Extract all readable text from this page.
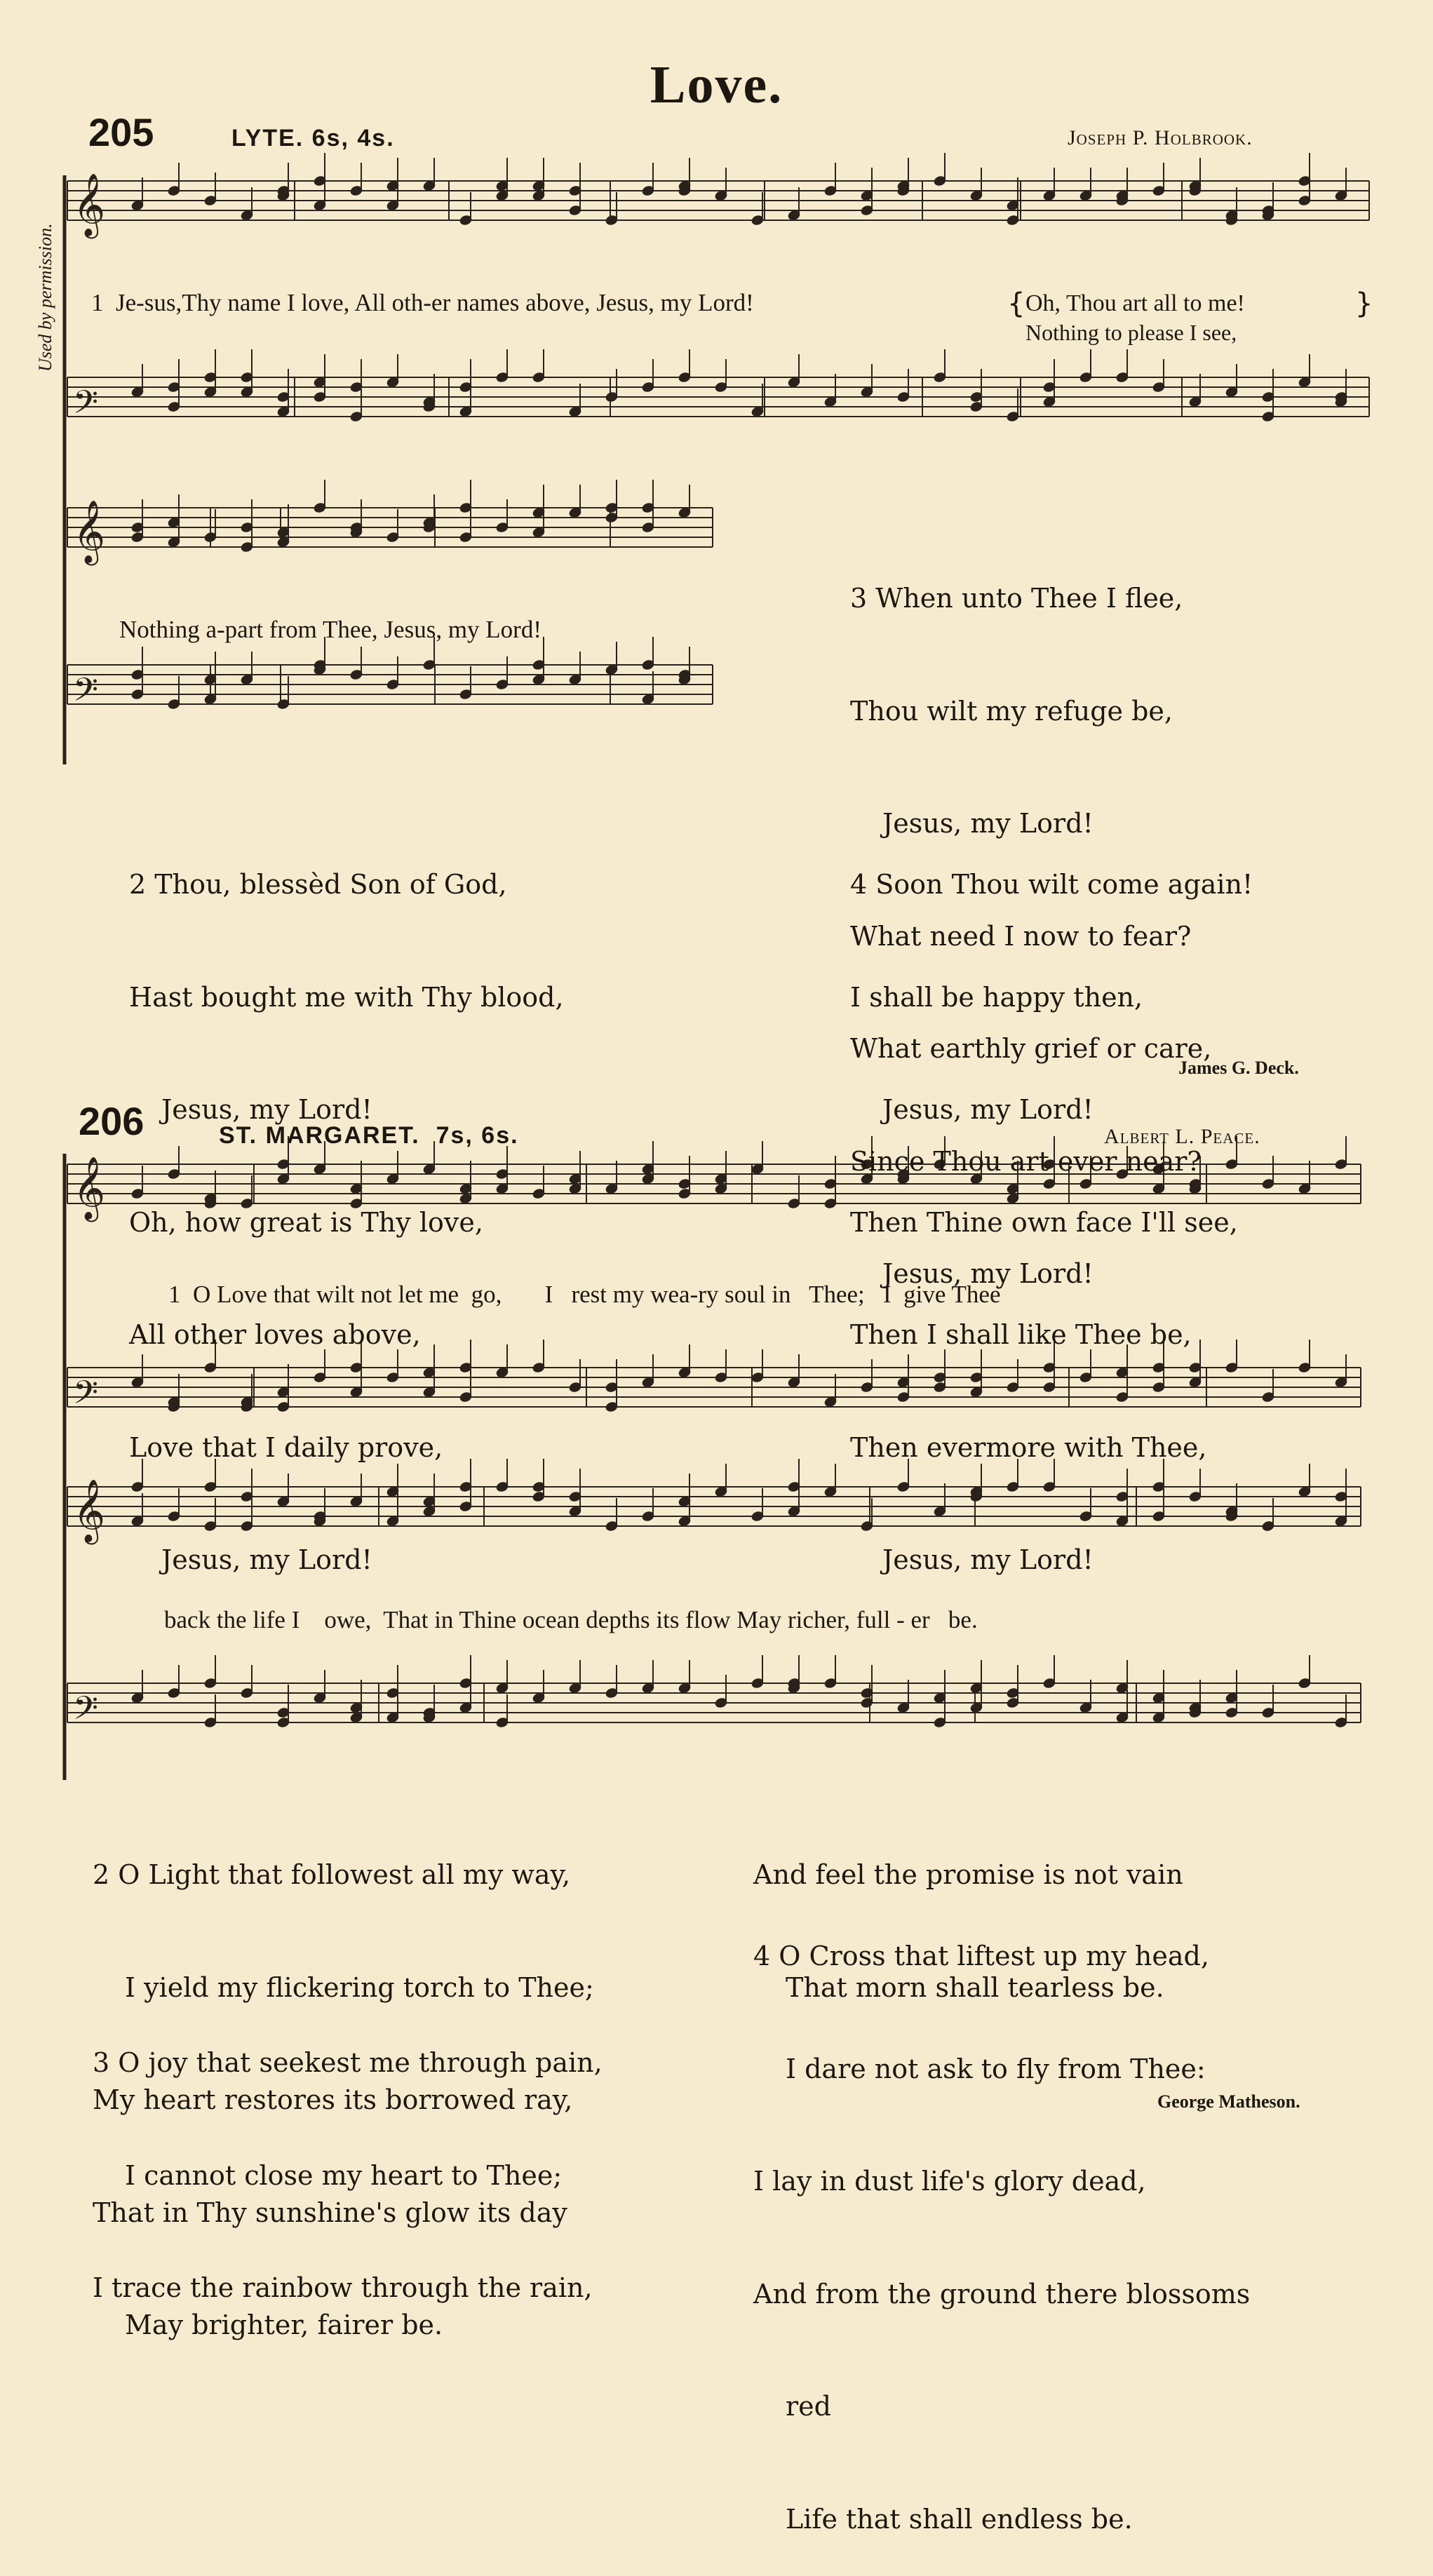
𝄞
𝄢
𝄞
𝄢
𝄞
𝄢
𝄞
𝄢
Love.
Used by permission.
205	LYTE. 6s, 4s.	Joseph P. Holbrook.
1  Je-sus,Thy name I love, All oth-er names above, Jesus, my Lord!	{ Oh, Thou art all to me!
Nothing to please I see,
}
Nothing a-part from Thee, Jesus, my Lord!

2 Thou, blessèd Son of God,

Hast bought me with Thy blood,

Jesus, my Lord!

Oh, how great is Thy love,

All other loves above,

Love that I daily prove,

Jesus, my Lord!

3 When unto Thee I flee,

Thou wilt my refuge be,

Jesus, my Lord!

What need I now to fear?

What earthly grief or care,

Since Thou art ever near?

Jesus, my Lord!

4 Soon Thou wilt come again!

I shall be happy then,

Jesus, my Lord!

Then Thine own face I'll see,

Then I shall like Thee be,

Then evermore with Thee,

Jesus, my Lord!

James G. Deck.
206	ST. MARGARET.  7s, 6s.	Albert L. Peace.
1  O Love that wilt not let me  go,       I   rest my wea-ry soul in   Thee;   I  give Thee
back the life I    owe,  That in Thine ocean depths its flow May richer, full - er   be.

2 O Light that followest all my way,

I yield my flickering torch to Thee;

My heart restores its borrowed ray,

That in Thy sunshine's glow its day

May brighter, fairer be.

3 O joy that seekest me through pain,

I cannot close my heart to Thee;

I trace the rainbow through the rain,

And feel the promise is not vain

That morn shall tearless be.

4 O Cross that liftest up my head,

I dare not ask to fly from Thee:

I lay in dust life's glory dead,

And from the ground there blossoms

red

Life that shall endless be.

George Matheson.
